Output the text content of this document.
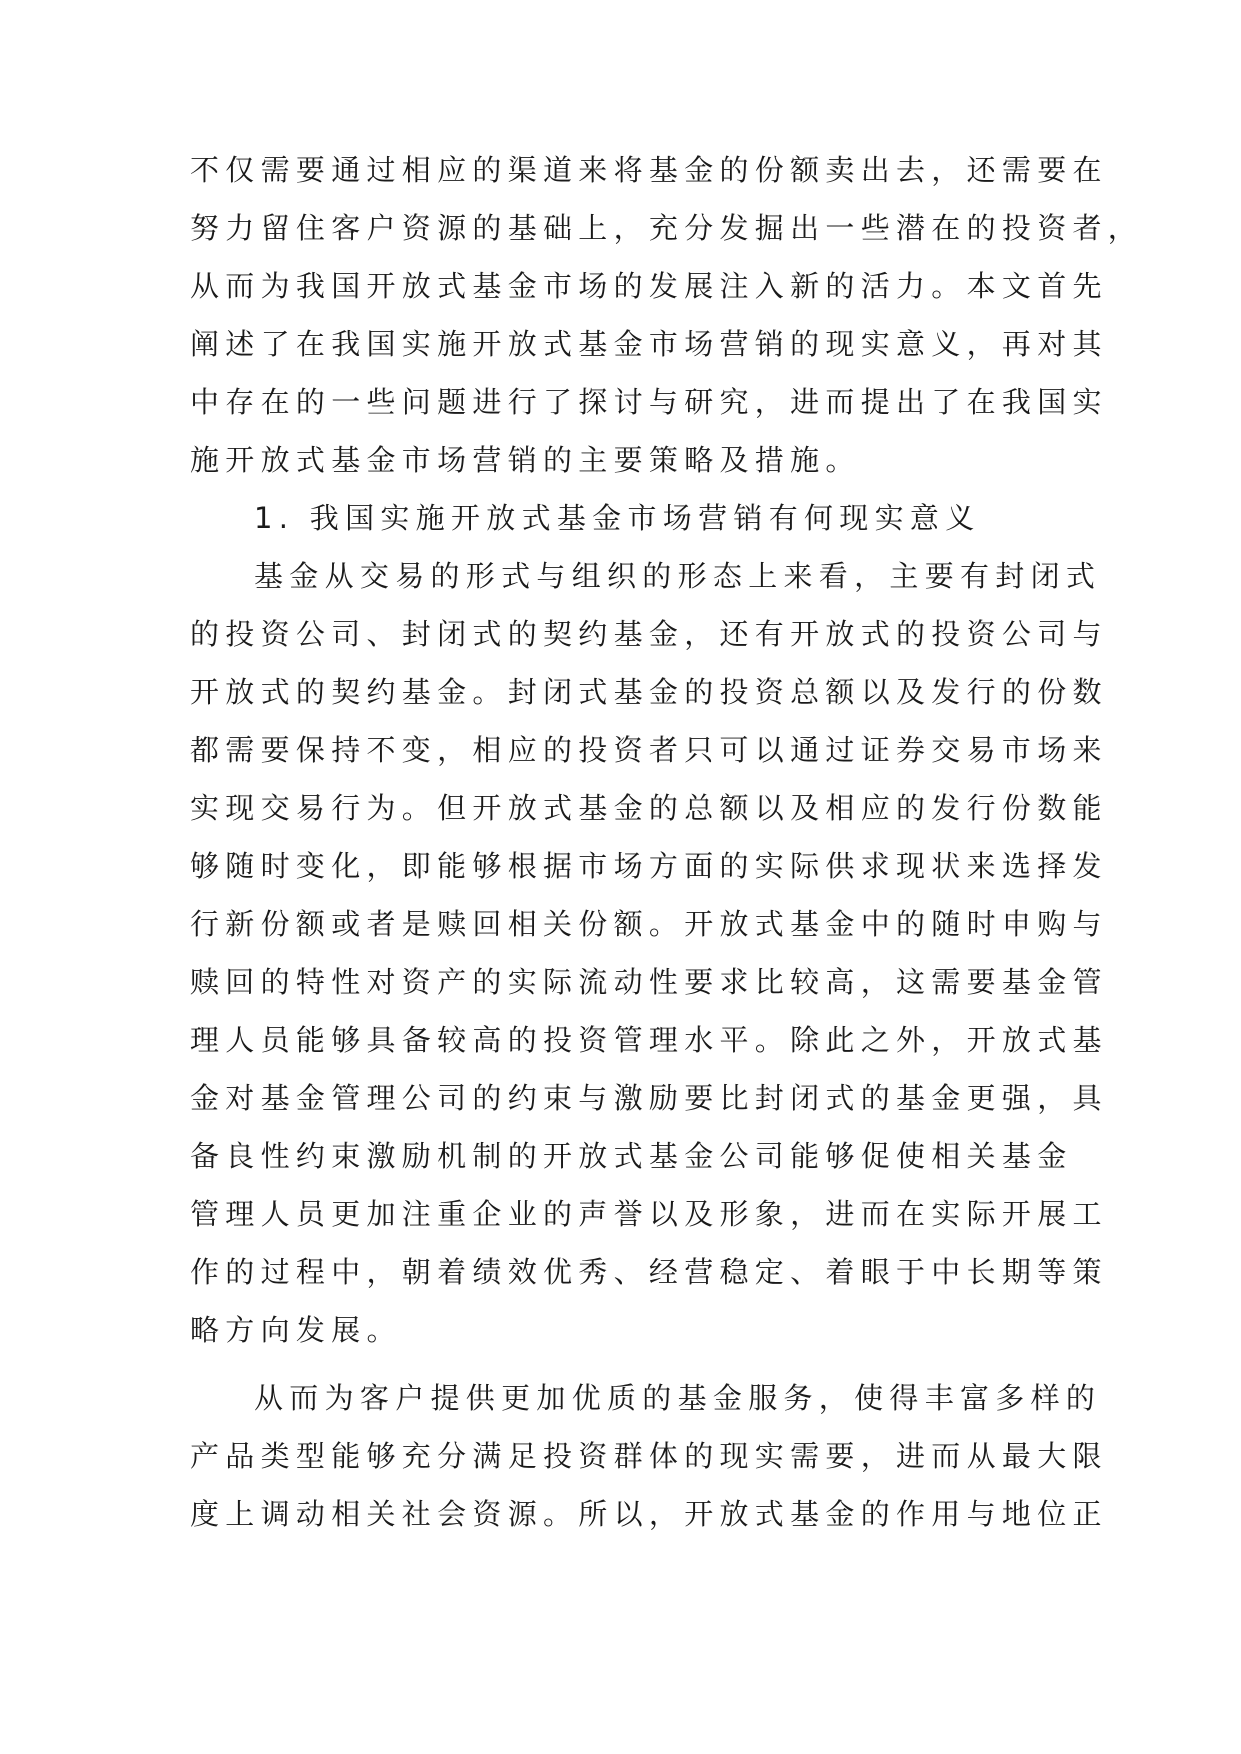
不仅需要通过相应的渠道来将基金的份额卖出去，还需要在
努力留住客户资源的基础上，充分发掘出一些潜在的投资者，
从而为我国开放式基金市场的发展注入新的活力。本文首先
阐述了在我国实施开放式基金市场营销的现实意义，再对其
中存在的一些问题进行了探讨与研究，进而提出了在我国实
施开放式基金市场营销的主要策略及措施。
1. 我国实施开放式基金市场营销有何现实意义
基金从交易的形式与组织的形态上来看，主要有封闭式
的投资公司、封闭式的契约基金，还有开放式的投资公司与
开放式的契约基金。封闭式基金的投资总额以及发行的份数
都需要保持不变，相应的投资者只可以通过证券交易市场来
实现交易行为。但开放式基金的总额以及相应的发行份数能
够随时变化，即能够根据市场方面的实际供求现状来选择发
行新份额或者是赎回相关份额。开放式基金中的随时申购与
赎回的特性对资产的实际流动性要求比较高，这需要基金管
理人员能够具备较高的投资管理水平。除此之外，开放式基
金对基金管理公司的约束与激励要比封闭式的基金更强，具
备良性约束激励机制的开放式基金公司能够促使相关基金
管理人员更加注重企业的声誉以及形象，进而在实际开展工
作的过程中，朝着绩效优秀、经营稳定、着眼于中长期等策
略方向发展。
从而为客户提供更加优质的基金服务，使得丰富多样的
产品类型能够充分满足投资群体的现实需要，进而从最大限
度上调动相关社会资源。所以，开放式基金的作用与地位正
